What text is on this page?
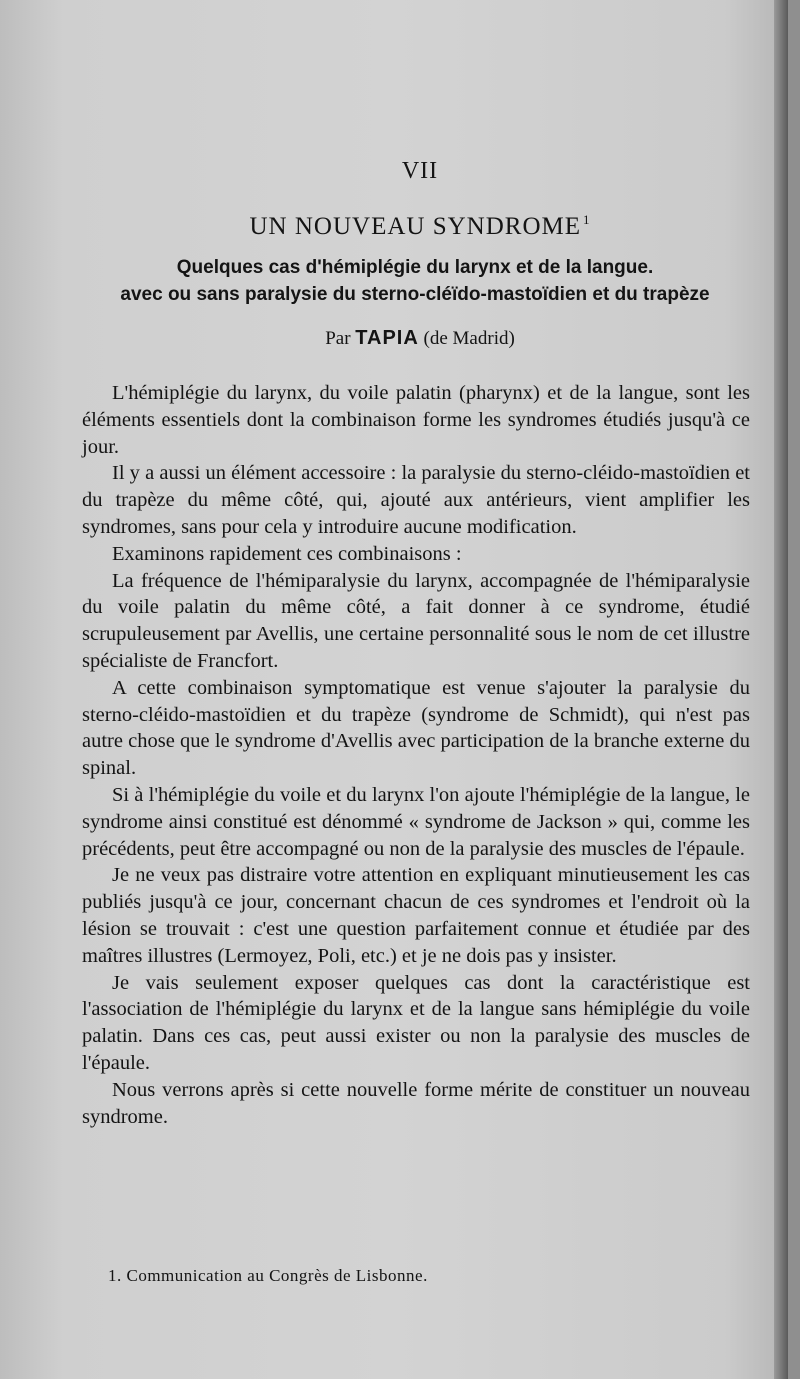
VII
UN NOUVEAU SYNDROME $^1$
Quelques cas d'hémiplégie du larynx et de la langue.
avec ou sans paralysie du sterno-cléïdo-mastoïdien et du trapèze
Par TAPIA (de Madrid)

L'hémiplégie du larynx, du voile palatin (pharynx) et de la langue, sont les éléments essentiels dont la combinaison forme les syndromes étudiés jusqu'à ce jour.

Il y a aussi un élément accessoire : la paralysie du sterno-cléido-mastoïdien et du trapèze du même côté, qui, ajouté aux antérieurs, vient amplifier les syndromes, sans pour cela y introduire aucune modification.

Examinons rapidement ces combinaisons :

La fréquence de l'hémiparalysie du larynx, accompagnée de l'hémiparalysie du voile palatin du même côté, a fait donner à ce syndrome, étudié scrupuleusement par Avellis, une certaine personnalité sous le nom de cet illustre spécialiste de Francfort.

A cette combinaison symptomatique est venue s'ajouter la paralysie du sterno-cléido-mastoïdien et du trapèze (syndrome de Schmidt), qui n'est pas autre chose que le syndrome d'Avellis avec participation de la branche externe du spinal.

Si à l'hémiplégie du voile et du larynx l'on ajoute l'hémiplégie de la langue, le syndrome ainsi constitué est dénommé « syndrome de Jackson » qui, comme les précédents, peut être accompagné ou non de la paralysie des muscles de l'épaule.

Je ne veux pas distraire votre attention en expliquant minutieusement les cas publiés jusqu'à ce jour, concernant chacun de ces syndromes et l'endroit où la lésion se trouvait : c'est une question parfaitement connue et étudiée par des maîtres illustres (Lermoyez, Poli, etc.) et je ne dois pas y insister.

Je vais seulement exposer quelques cas dont la caractéristique est l'association de l'hémiplégie du larynx et de la langue sans hémiplégie du voile palatin. Dans ces cas, peut aussi exister ou non la paralysie des muscles de l'épaule.

Nous verrons après si cette nouvelle forme mérite de constituer un nouveau syndrome.

1. Communication au Congrès de Lisbonne.
